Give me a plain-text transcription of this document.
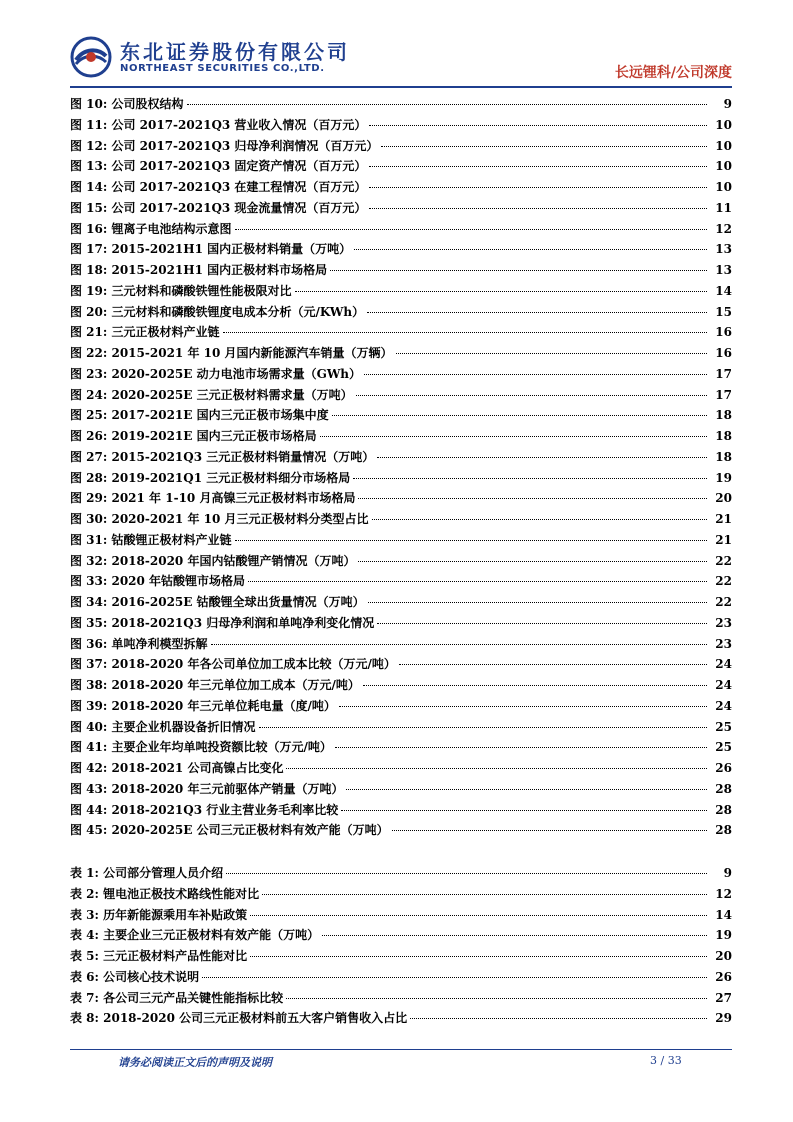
东北证券股份有限公司
NORTHEAST SECURITIES CO.,LTD.	长远锂科/公司深度
图 10: 公司股权结构	9
图 11: 公司 2017-2021Q3 营业收入情况（百万元）	10
图 12: 公司 2017-2021Q3 归母净利润情况（百万元）	10
图 13: 公司 2017-2021Q3 固定资产情况（百万元）	10
图 14: 公司 2017-2021Q3 在建工程情况（百万元）	10
图 15: 公司 2017-2021Q3 现金流量情况（百万元）	11
图 16: 锂离子电池结构示意图	12
图 17: 2015-2021H1 国内正极材料销量（万吨）	13
图 18: 2015-2021H1 国内正极材料市场格局	13
图 19: 三元材料和磷酸铁锂性能极限对比	14
图 20: 三元材料和磷酸铁锂度电成本分析（元/KWh）	15
图 21: 三元正极材料产业链	16
图 22: 2015-2021 年 10 月国内新能源汽车销量（万辆）	16
图 23: 2020-2025E 动力电池市场需求量（GWh）	17
图 24: 2020-2025E 三元正极材料需求量（万吨）	17
图 25: 2017-2021E 国内三元正极市场集中度	18
图 26: 2019-2021E 国内三元正极市场格局	18
图 27: 2015-2021Q3 三元正极材料销量情况（万吨）	18
图 28: 2019-2021Q1 三元正极材料细分市场格局	19
图 29: 2021 年 1-10 月高镍三元正极材料市场格局	20
图 30: 2020-2021 年 10 月三元正极材料分类型占比	21
图 31: 钴酸锂正极材料产业链	21
图 32: 2018-2020 年国内钴酸锂产销情况（万吨）	22
图 33: 2020 年钴酸锂市场格局	22
图 34: 2016-2025E 钴酸锂全球出货量情况（万吨）	22
图 35: 2018-2021Q3 归母净利润和单吨净利变化情况	23
图 36: 单吨净利模型拆解	23
图 37: 2018-2020 年各公司单位加工成本比较（万元/吨）	24
图 38: 2018-2020 年三元单位加工成本（万元/吨）	24
图 39: 2018-2020 年三元单位耗电量（度/吨）	24
图 40: 主要企业机器设备折旧情况	25
图 41: 主要企业年均单吨投资额比较（万元/吨）	25
图 42: 2018-2021 公司高镍占比变化	26
图 43: 2018-2020 年三元前驱体产销量（万吨）	28
图 44: 2018-2021Q3 行业主营业务毛利率比较	28
图 45: 2020-2025E 公司三元正极材料有效产能（万吨）	28
表 1: 公司部分管理人员介绍	9
表 2: 锂电池正极技术路线性能对比	12
表 3: 历年新能源乘用车补贴政策	14
表 4: 主要企业三元正极材料有效产能（万吨）	19
表 5: 三元正极材料产品性能对比	20
表 6: 公司核心技术说明	26
表 7: 各公司三元产品关键性能指标比较	27
表 8: 2018-2020 公司三元正极材料前五大客户销售收入占比	29
请务必阅读正文后的声明及说明	3 / 33
